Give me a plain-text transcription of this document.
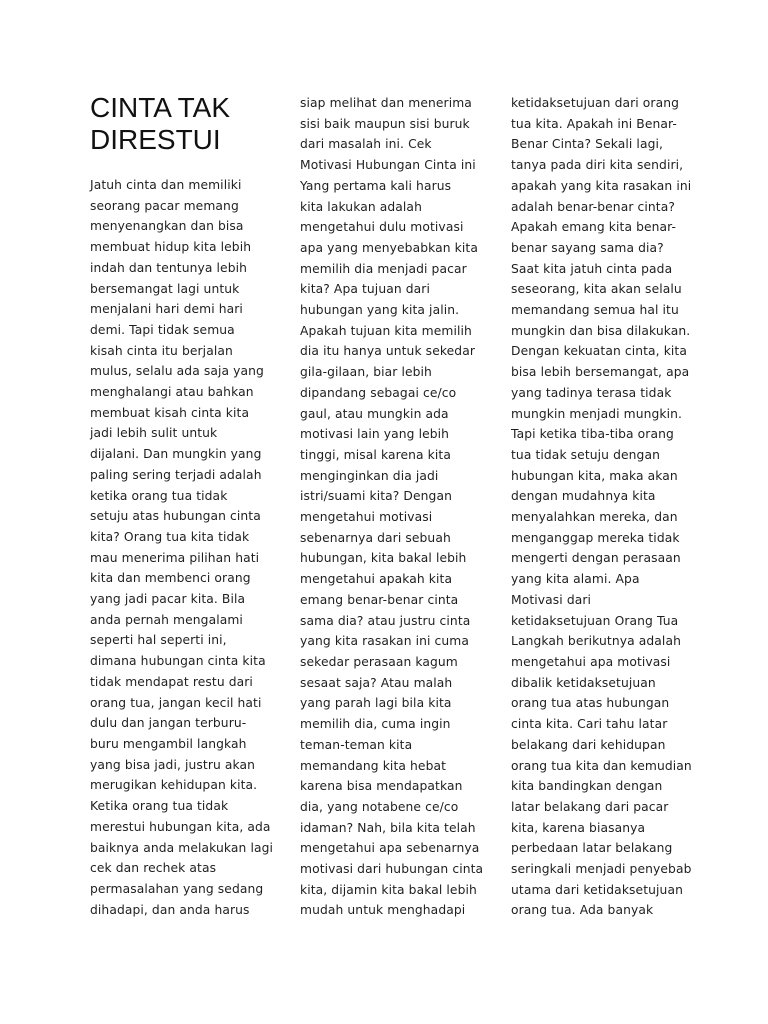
CINTA TAK
DIRESTUI
Jatuh cinta dan memiliki
seorang pacar memang
menyenangkan dan bisa
membuat hidup kita lebih
indah dan tentunya lebih
bersemangat lagi untuk
menjalani hari demi hari
demi. Tapi tidak semua
kisah cinta itu berjalan
mulus, selalu ada saja yang
menghalangi atau bahkan
membuat kisah cinta kita
jadi lebih sulit untuk
dijalani. Dan mungkin yang
paling sering terjadi adalah
ketika orang tua tidak
setuju atas hubungan cinta
kita? Orang tua kita tidak
mau menerima pilihan hati
kita dan membenci orang
yang jadi pacar kita. Bila
anda pernah mengalami
seperti hal seperti ini,
dimana hubungan cinta kita
tidak mendapat restu dari
orang tua, jangan kecil hati
dulu dan jangan terburu-
buru mengambil langkah
yang bisa jadi, justru akan
merugikan kehidupan kita.
Ketika orang tua tidak
merestui hubungan kita, ada
baiknya anda melakukan lagi
cek dan rechek atas
permasalahan yang sedang
dihadapi, dan anda harus
siap melihat dan menerima
sisi baik maupun sisi buruk
dari masalah ini. Cek
Motivasi Hubungan Cinta ini
Yang pertama kali harus
kita lakukan adalah
mengetahui dulu motivasi
apa yang menyebabkan kita
memilih dia menjadi pacar
kita? Apa tujuan dari
hubungan yang kita jalin.
Apakah tujuan kita memilih
dia itu hanya untuk sekedar
gila-gilaan, biar lebih
dipandang sebagai ce/co
gaul, atau mungkin ada
motivasi lain yang lebih
tinggi, misal karena kita
menginginkan dia jadi
istri/suami kita? Dengan
mengetahui motivasi
sebenarnya dari sebuah
hubungan, kita bakal lebih
mengetahui apakah kita
emang benar-benar cinta
sama dia? atau justru cinta
yang kita rasakan ini cuma
sekedar perasaan kagum
sesaat saja? Atau malah
yang parah lagi bila kita
memilih dia, cuma ingin
teman-teman kita
memandang kita hebat
karena bisa mendapatkan
dia, yang notabene ce/co
idaman? Nah, bila kita telah
mengetahui apa sebenarnya
motivasi dari hubungan cinta
kita, dijamin kita bakal lebih
mudah untuk menghadapi
ketidaksetujuan dari orang
tua kita. Apakah ini Benar-
Benar Cinta? Sekali lagi,
tanya pada diri kita sendiri,
apakah yang kita rasakan ini
adalah benar-benar cinta?
Apakah emang kita benar-
benar sayang sama dia?
Saat kita jatuh cinta pada
seseorang, kita akan selalu
memandang semua hal itu
mungkin dan bisa dilakukan.
Dengan kekuatan cinta, kita
bisa lebih bersemangat, apa
yang tadinya terasa tidak
mungkin menjadi mungkin.
Tapi ketika tiba-tiba orang
tua tidak setuju dengan
hubungan kita, maka akan
dengan mudahnya kita
menyalahkan mereka, dan
menganggap mereka tidak
mengerti dengan perasaan
yang kita alami. Apa
Motivasi dari
ketidaksetujuan Orang Tua
Langkah berikutnya adalah
mengetahui apa motivasi
dibalik ketidaksetujuan
orang tua atas hubungan
cinta kita. Cari tahu latar
belakang dari kehidupan
orang tua kita dan kemudian
kita bandingkan dengan
latar belakang dari pacar
kita, karena biasanya
perbedaan latar belakang
seringkali menjadi penyebab
utama dari ketidaksetujuan
orang tua. Ada banyak
